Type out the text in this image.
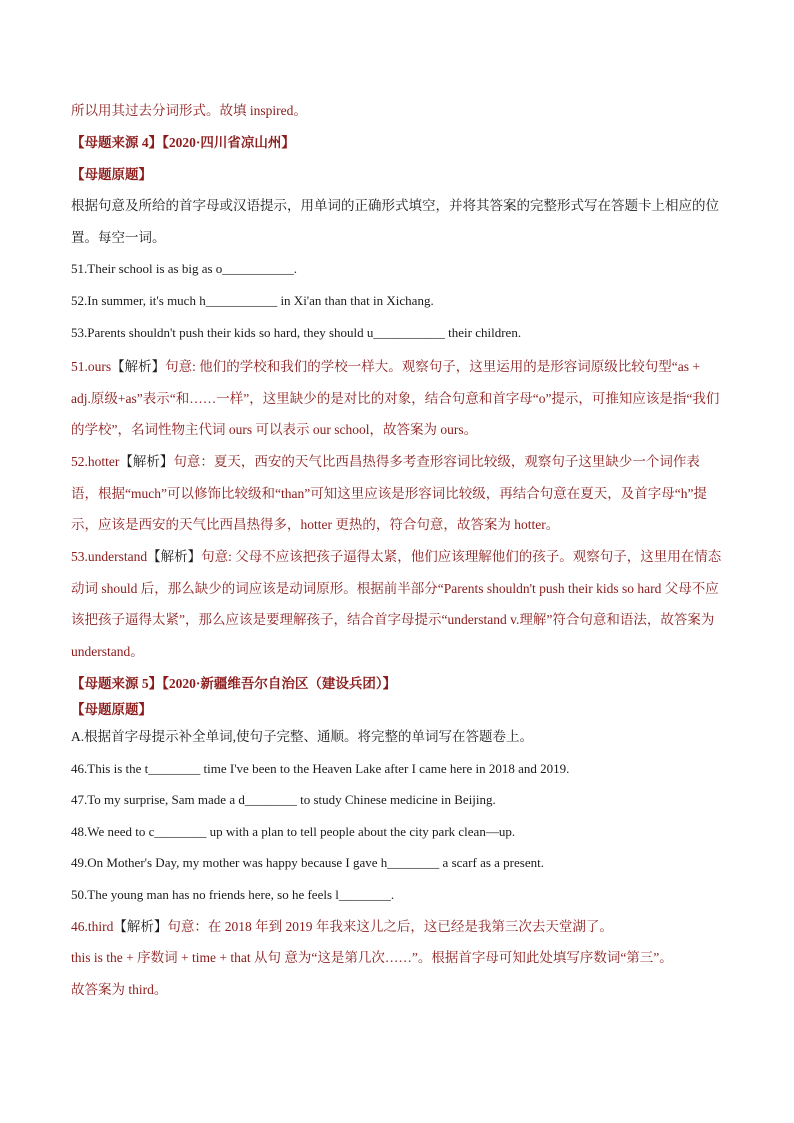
所以用其过去分词形式。故填 inspired。
【母题来源 4】【2020·四川省凉山州】
【母题原题】
根据句意及所给的首字母或汉语提示，用单词的正确形式填空，并将其答案的完整形式写在答题卡上相应的位置。每空一词。
51.Their school is as big as o___________.
52.In summer, it's much h___________ in Xi'an than that in Xichang.
53.Parents shouldn't push their kids so hard, they should u___________ their children.
51.ours【解析】句意: 他们的学校和我们的学校一样大。观察句子，这里运用的是形容词原级比较句型“as + adj.原级+as”表示“和……一样”，这里缺少的是对比的对象，结合句意和首字母“o”提示，可推知应该是指“我们的学校”，名词性物主代词 ours 可以表示 our school，故答案为 ours。
52.hotter【解析】句意：夏天，西安的天气比西昌热得多考查形容词比较级，观察句子这里缺少一个词作表语，根据“much”可以修饰比较级和“than”可知这里应该是形容词比较级，再结合句意在夏天，及首字母“h”提示，应该是西安的天气比西昌热得多，hotter 更热的，符合句意，故答案为 hotter。
53.understand【解析】句意: 父母不应该把孩子逼得太紧，他们应该理解他们的孩子。观察句子，这里用在情态动词 should 后，那么缺少的词应该是动词原形。根据前半部分“Parents shouldn't push their kids so hard 父母不应该把孩子逼得太紧”，那么应该是要理解孩子，结合首字母提示“understand v.理解”符合句意和语法，故答案为 understand。
【母题来源 5】【2020·新疆维吾尔自治区（建设兵团）】
【母题原题】
A.根据首字母提示补全单词,使句子完整、通顺。将完整的单词写在答题卷上。
46.This is the t________ time I've been to the Heaven Lake after I came here in 2018 and 2019.
47.To my surprise, Sam made a d________ to study Chinese medicine in Beijing.
48.We need to c________ up with a plan to tell people about the city park clean—up.
49.On Mother's Day, my mother was happy because I gave h________ a scarf as a present.
50.The young man has no friends here, so he feels l________.
46.third【解析】句意：在 2018 年到 2019 年我来这儿之后，这已经是我第三次去天堂湖了。
this is the + 序数词 + time + that 从句 意为“这是第几次……”。根据首字母可知此处填写序数词“第三”。
故答案为 third。
